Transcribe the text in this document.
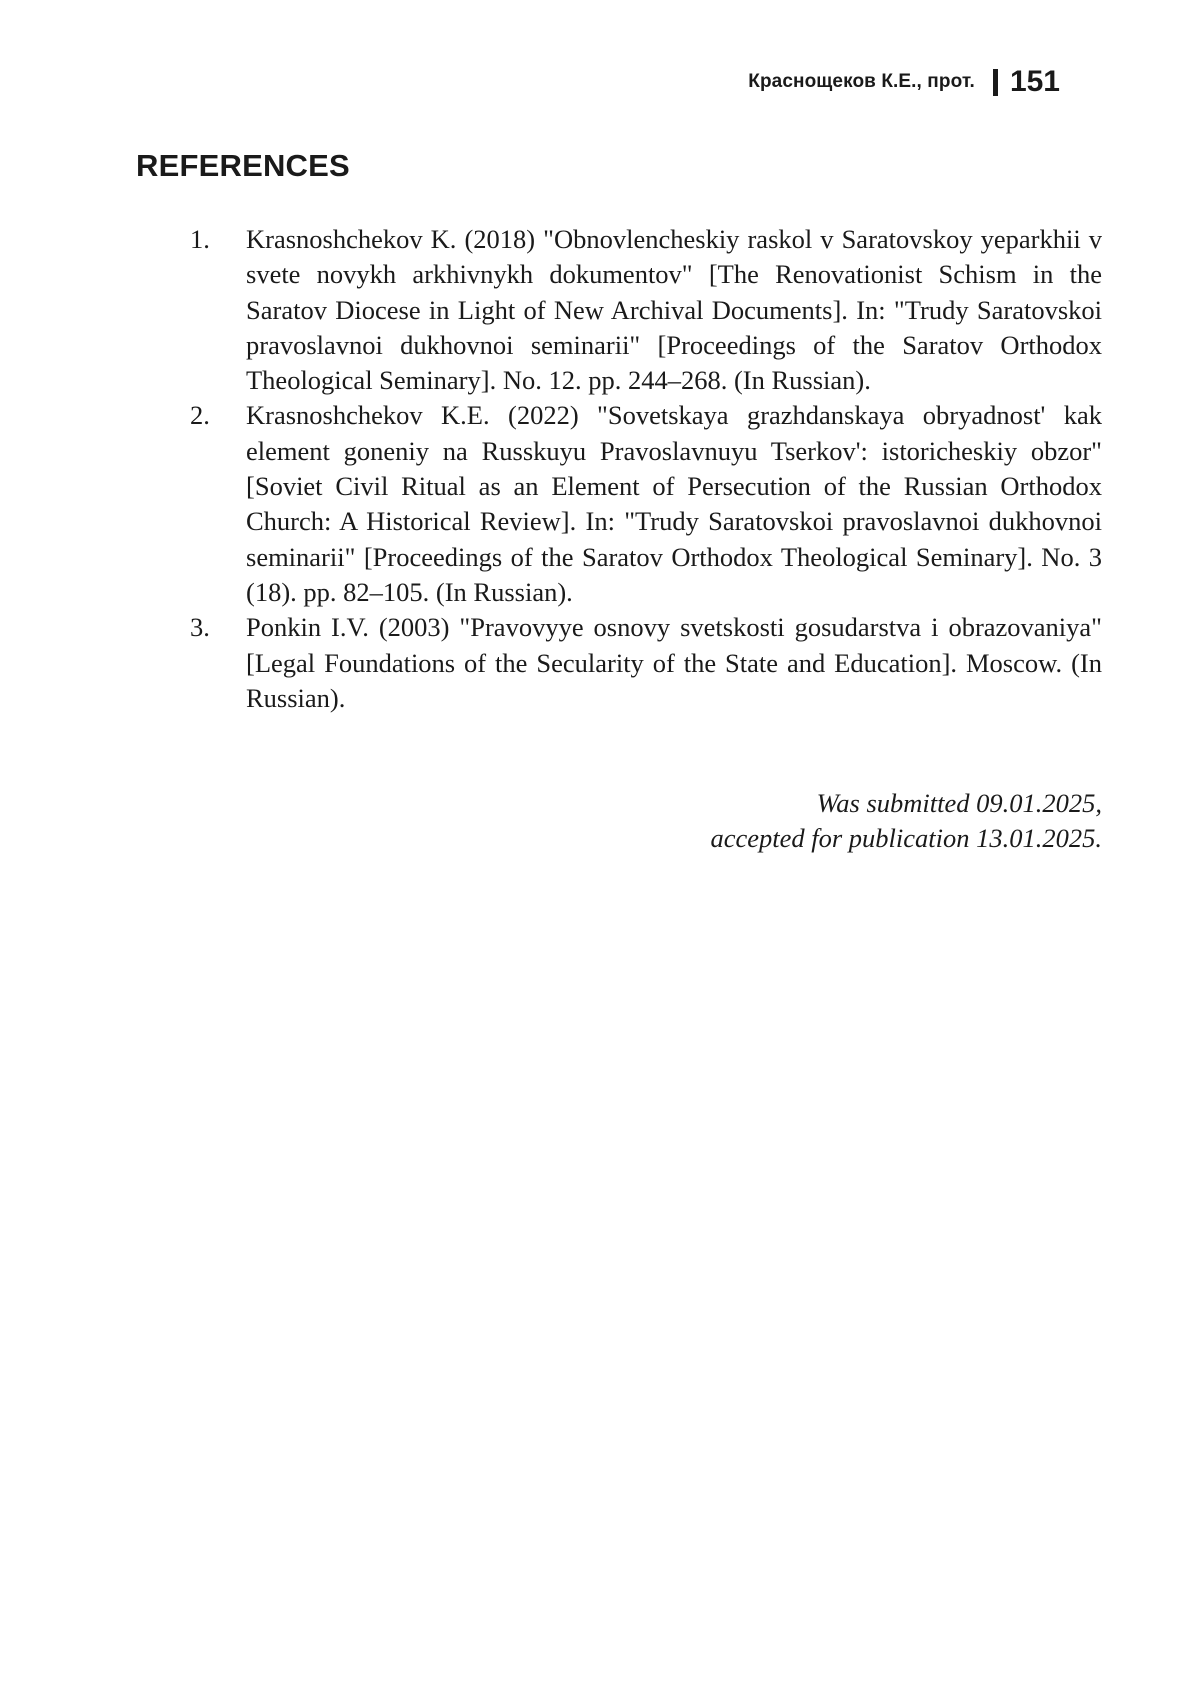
Краснощеков К.Е., прот. 151
REFERENCES
1. Krasnoshchekov K. (2018) "Obnovlencheskiy raskol v Saratovskoy yeparkhii v svete novykh arkhivnykh dokumentov" [The Renovationist Schism in the Saratov Diocese in Light of New Archival Documents]. In: "Trudy Saratovskoi pravoslavnoi dukhovnoi seminarii" [Proceedings of the Saratov Orthodox Theological Seminary]. No. 12. pp. 244–268. (In Russian).
2. Krasnoshchekov K.E. (2022) "Sovetskaya grazhdanskaya obryadnost' kak element goneniy na Russkuyu Pravoslavnuyu Tserkov': istoricheskiy obzor" [Soviet Civil Ritual as an Element of Persecution of the Russian Orthodox Church: A Historical Review]. In: "Trudy Saratovskoi pravoslavnoi dukhovnoi seminarii" [Proceedings of the Saratov Orthodox Theological Seminary]. No. 3 (18). pp. 82–105. (In Russian).
3. Ponkin I.V. (2003) "Pravovyye osnovy svetskosti gosudarstva i obrazovaniya" [Legal Foundations of the Secularity of the State and Education]. Moscow. (In Russian).
Was submitted 09.01.2025,
accepted for publication 13.01.2025.
